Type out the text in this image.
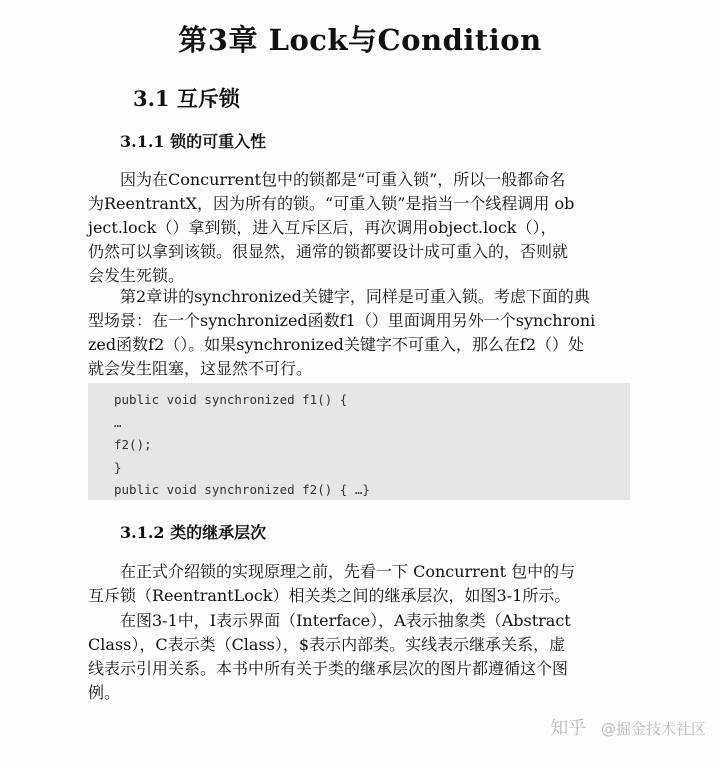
第3章 Lock与Condition
3.1 互斥锁
3.1.1 锁的可重入性

因为在Concurrent包中的锁都是“可重入锁”，所以一般都命名
为ReentrantX，因为所有的锁。“可重入锁”是指当一个线程调用 ob
ject.lock（）拿到锁，进入互斥区后，再次调用object.lock（），
仍然可以拿到该锁。很显然，通常的锁都要设计成可重入的，否则就
会发生死锁。

第2章讲的synchronized关键字，同样是可重入锁。考虑下面的典
型场景：在一个synchronized函数f1（）里面调用另外一个synchroni
zed函数f2（）。如果synchronized关键字不可重入，那么在f2（）处
就会发生阻塞，这显然不可行。

public void synchronized f1() {
…
f2();
}
public void synchronized f2() { …}
3.1.2 类的继承层次

在正式介绍锁的实现原理之前，先看一下 Concurrent 包中的与
互斥锁（ReentrantLock）相关类之间的继承层次，如图3-1所示。

在图3-1中，I表示界面（Interface），A表示抽象类（Abstract
Class），C表示类（Class），$表示内部类。实线表示继承关系，虚
线表示引用关系。本书中所有关于类的继承层次的图片都遵循这个图
例。

知乎 @掘金技术社区
